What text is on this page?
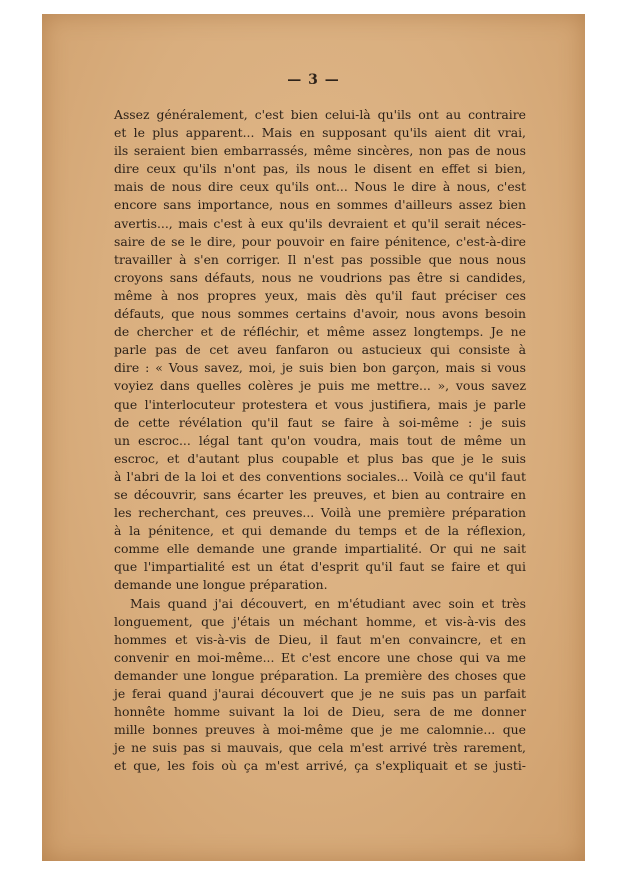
— 3 —
Assez généralement, c'est bien celui-là qu'ils ont au contraire
et le plus apparent... Mais en supposant qu'ils aient dit vrai,
ils seraient bien embarrassés, même sincères, non pas de nous
dire ceux qu'ils n'ont pas, ils nous le disent en effet si bien,
mais de nous dire ceux qu'ils ont... Nous le dire à nous, c'est
encore sans importance, nous en sommes d'ailleurs assez bien
avertis..., mais c'est à eux qu'ils devraient et qu'il serait néces-
saire de se le dire, pour pouvoir en faire pénitence, c'est-à-dire
travailler à s'en corriger. Il n'est pas possible que nous nous
croyons sans défauts, nous ne voudrions pas être si candides,
même à nos propres yeux, mais dès qu'il faut préciser ces
défauts, que nous sommes certains d'avoir, nous avons besoin
de chercher et de réfléchir, et même assez longtemps. Je ne
parle pas de cet aveu fanfaron ou astucieux qui consiste à
dire : « Vous savez, moi, je suis bien bon garçon, mais si vous
voyiez dans quelles colères je puis me mettre... », vous savez
que l'interlocuteur protestera et vous justifiera, mais je parle
de cette révélation qu'il faut se faire à soi-même : je suis
un escroc... légal tant qu'on voudra, mais tout de même un
escroc, et d'autant plus coupable et plus bas que je le suis
à l'abri de la loi et des conventions sociales... Voilà ce qu'il faut
se découvrir, sans écarter les preuves, et bien au contraire en
les recherchant, ces preuves... Voilà une première préparation
à la pénitence, et qui demande du temps et de la réflexion,
comme elle demande une grande impartialité. Or qui ne sait
que l'impartialité est un état d'esprit qu'il faut se faire et qui
demande une longue préparation.
Mais quand j'ai découvert, en m'étudiant avec soin et très
longuement, que j'étais un méchant homme, et vis-à-vis des
hommes et vis-à-vis de Dieu, il faut m'en convaincre, et en
convenir en moi-même... Et c'est encore une chose qui va me
demander une longue préparation. La première des choses que
je ferai quand j'aurai découvert que je ne suis pas un parfait
honnête homme suivant la loi de Dieu, sera de me donner
mille bonnes preuves à moi-même que je me calomnie... que
je ne suis pas si mauvais, que cela m'est arrivé très rarement,
et que, les fois où ça m'est arrivé, ça s'expliquait et se justi-
